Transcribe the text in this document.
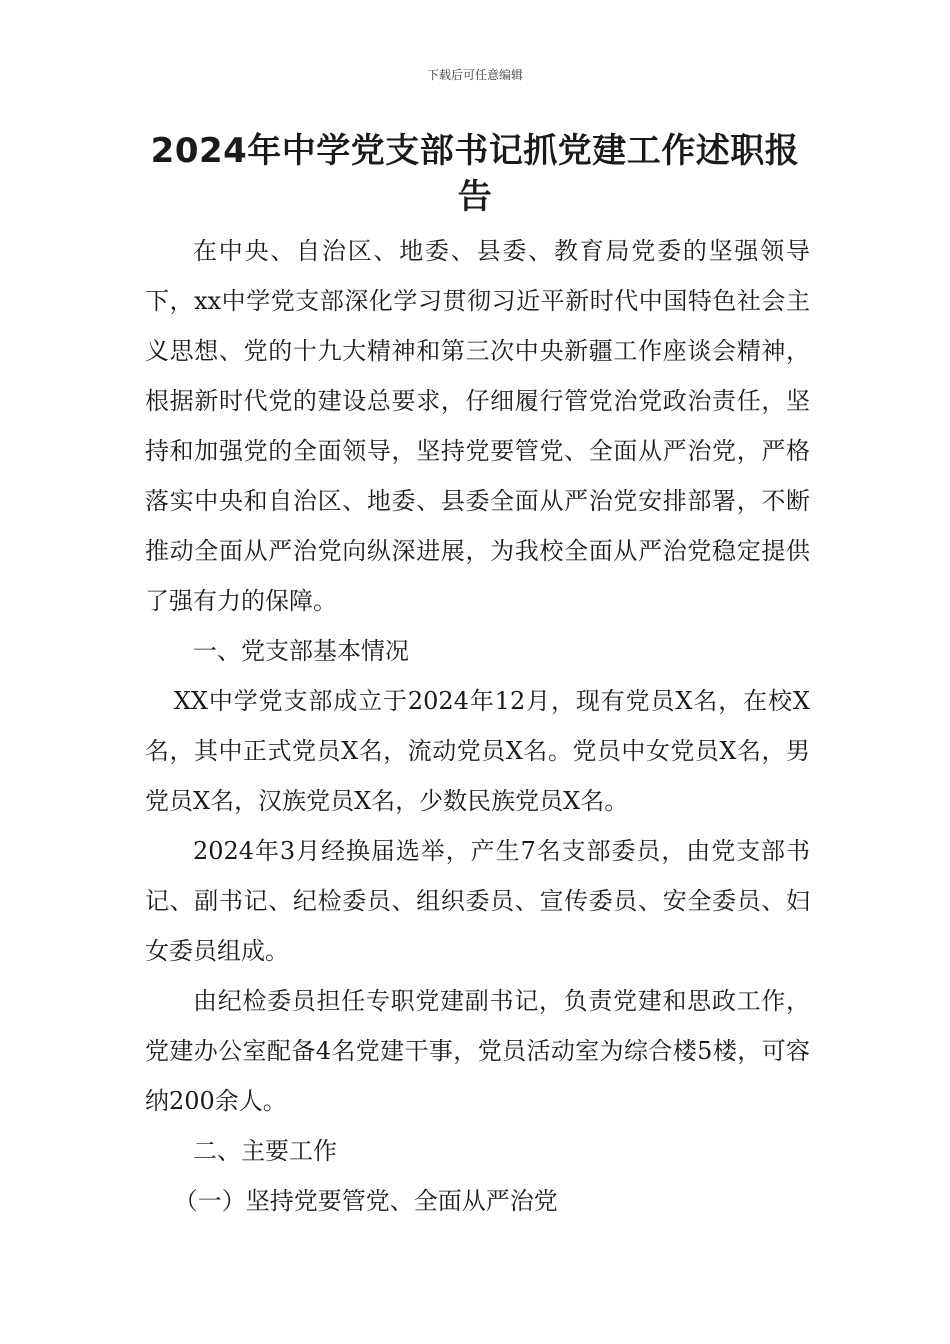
下载后可任意编辑
2024年中学党支部书记抓党建工作述职报告

在中央、自治区、地委、县委、教育局党委的坚强领导下，xx中学党支部深化学习贯彻习近平新时代中国特色社会主义思想、党的十九大精神和第三次中央新疆工作座谈会精神，根据新时代党的建设总要求，仔细履行管党治党政治责任，坚持和加强党的全面领导，坚持党要管党、全面从严治党，严格落实中央和自治区、地委、县委全面从严治党安排部署，不断推动全面从严治党向纵深进展，为我校全面从严治党稳定提供了强有力的保障。

一、党支部基本情况

XX中学党支部成立于2024年12月，现有党员X名，在校X名，其中正式党员X名，流动党员X名。党员中女党员X名，男党员X名，汉族党员X名，少数民族党员X名。

2024年3月经换届选举，产生7名支部委员，由党支部书记、副书记、纪检委员、组织委员、宣传委员、安全委员、妇女委员组成。

由纪检委员担任专职党建副书记，负责党建和思政工作，党建办公室配备4名党建干事，党员活动室为综合楼5楼，可容纳200余人。

二、主要工作

（一）坚持党要管党、全面从严治党
